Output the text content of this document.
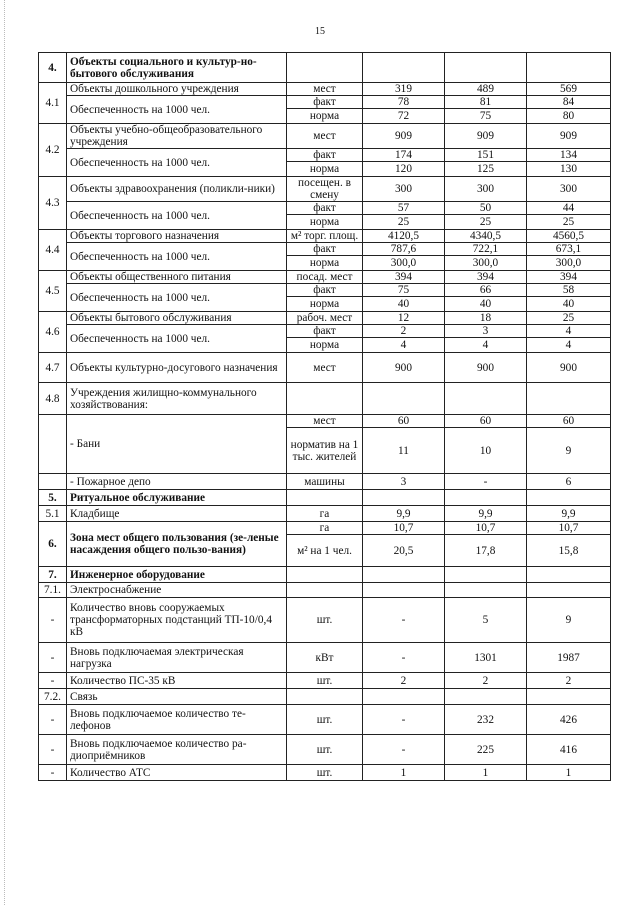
15
4.	Объекты социального и культур-но-бытового обслуживания				
4.1	Объекты дошкольного учреждения	мест	319	489	569
	Обеспеченность на 1000 чел.	факт	78	81	84
		норма	72	75	80
4.2	Объекты учебно-общеобразовательного учреждения	мест	909	909	909
	Обеспеченность на 1000 чел.	факт	174	151	134
		норма	120	125	130
4.3	Объекты здравоохранения (поликли-ники)	посещен. в смену	300	300	300
	Обеспеченность на 1000 чел.	факт	57	50	44
		норма	25	25	25
4.4	Объекты торгового назначения	м² торг. площ.	4120,5	4340,5	4560,5
	Обеспеченность на 1000 чел.	факт	787,6	722,1	673,1
		норма	300,0	300,0	300,0
4.5	Объекты общественного питания	посад. мест	394	394	394
	Обеспеченность на 1000 чел.	факт	75	66	58
		норма	40	40	40
4.6	Объекты бытового обслуживания	рабоч. мест	12	18	25
	Обеспеченность на 1000 чел.	факт	2	3	4
		норма	4	4	4
4.7	Объекты культурно-досугового назначения	мест	900	900	900
4.8	Учреждения жилищно-коммунального хозяйствования:				
	- Бани	мест	60	60	60
		норматив на 1 тыс. жителей	11	10	9
	- Пожарное депо	машины	3	-	6
5.	Ритуальное обслуживание				
5.1	Кладбище	га	9,9	9,9	9,9
6.	Зона мест общего пользования (зе-леные насаждения общего пользо-вания)	га	10,7	10,7	10,7
		м² на 1 чел.	20,5	17,8	15,8
7.	Инженерное оборудование				
7.1.	Электроснабжение				
-	Количество вновь сооружаемых трансформаторных подстанций ТП-10/0,4 кВ	шт.	-	5	9
-	Вновь подключаемая электрическая нагрузка	кВт	-	1301	1987
-	Количество ПС-35 кВ	шт.	2	2	2
7.2.	Связь				
-	Вновь подключаемое количество те-лефонов	шт.	-	232	426
-	Вновь подключаемое количество ра-диоприёмников	шт.	-	225	416
-	Количество АТС	шт.	1	1	1
